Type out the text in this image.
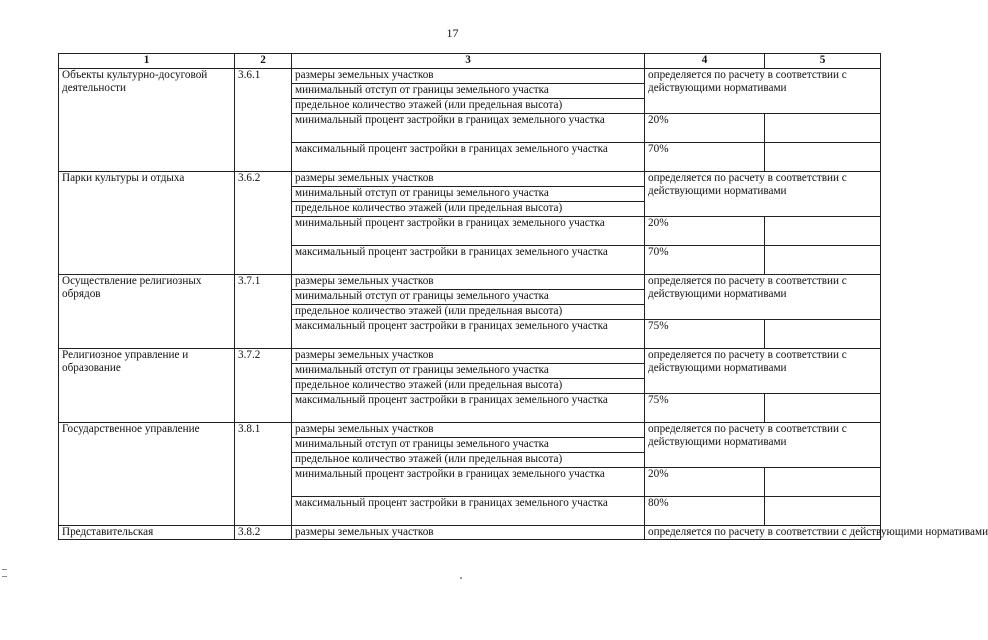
17
1	2	3	4	5
Объекты культурно-досуговой деятельности	3.6.1	размеры земельных участков	определяется по расчету в соответствии с действующими нормативами	
		минимальный отступ от границы земельного участка		
		предельное количество этажей (или предельная высота)		
		минимальный процент застройки в границах земельного участка	20%	
		максимальный процент застройки в границах земельного участка	70%	
Парки культуры и отдыха	3.6.2	размеры земельных участков	определяется по расчету в соответствии с действующими нормативами	
		минимальный отступ от границы земельного участка		
		предельное количество этажей (или предельная высота)		
		минимальный процент застройки в границах земельного участка	20%	
		максимальный процент застройки в границах земельного участка	70%	
Осуществление религиозных обрядов	3.7.1	размеры земельных участков	определяется по расчету в соответствии с действующими нормативами	
		минимальный отступ от границы земельного участка		
		предельное количество этажей (или предельная высота)		
		максимальный процент застройки в границах земельного участка	75%	
Религиозное управление и образование	3.7.2	размеры земельных участков	определяется по расчету в соответствии с действующими нормативами	
		минимальный отступ от границы земельного участка		
		предельное количество этажей (или предельная высота)		
		максимальный процент застройки в границах земельного участка	75%	
Государственное управление	3.8.1	размеры земельных участков	определяется по расчету в соответствии с действующими нормативами	
		минимальный отступ от границы земельного участка		
		предельное количество этажей (или предельная высота)		
		минимальный процент застройки в границах земельного участка	20%	
		максимальный процент застройки в границах земельного участка	80%	
Представительская	3.8.2	размеры земельных участков	определяется по расчету в соответствии с действующими нормативами	
